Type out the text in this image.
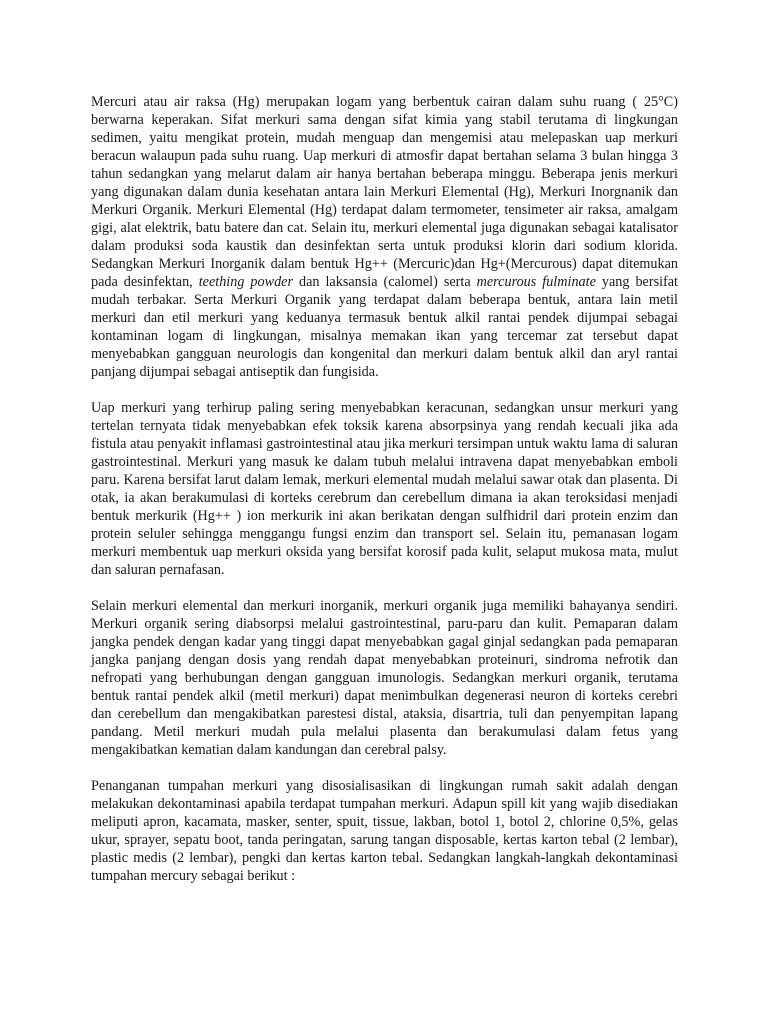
Mercuri atau air raksa (Hg) merupakan logam yang berbentuk cairan dalam suhu ruang ( 25°C) berwarna keperakan. Sifat merkuri sama dengan sifat kimia yang stabil terutama di lingkungan sedimen, yaitu mengikat protein, mudah menguap dan mengemisi atau melepaskan uap merkuri beracun walaupun pada suhu ruang. Uap merkuri di atmosfir dapat bertahan selama 3 bulan hingga 3 tahun sedangkan yang melarut dalam air hanya bertahan beberapa minggu. Beberapa jenis merkuri yang digunakan dalam dunia kesehatan antara lain Merkuri Elemental (Hg), Merkuri Inorgnanik dan Merkuri Organik. Merkuri Elemental (Hg) terdapat dalam termometer, tensimeter air raksa, amalgam gigi, alat elektrik, batu batere dan cat. Selain itu, merkuri elemental juga digunakan sebagai katalisator dalam produksi soda kaustik dan desinfektan serta untuk produksi klorin dari sodium klorida. Sedangkan Merkuri Inorganik dalam bentuk Hg++ (Mercuric)dan Hg+(Mercurous) dapat ditemukan pada desinfektan, teething powder dan laksansia (calomel) serta mercurous fulminate yang bersifat mudah terbakar. Serta Merkuri Organik yang terdapat dalam beberapa bentuk, antara lain metil merkuri dan etil merkuri yang keduanya termasuk bentuk alkil rantai pendek dijumpai sebagai kontaminan logam di lingkungan, misalnya memakan ikan yang tercemar zat tersebut dapat menyebabkan gangguan neurologis dan kongenital dan merkuri dalam bentuk alkil dan aryl rantai panjang dijumpai sebagai antiseptik dan fungisida.

Uap merkuri yang terhirup paling sering menyebabkan keracunan, sedangkan unsur merkuri yang tertelan ternyata tidak menyebabkan efek toksik karena absorpsinya yang rendah kecuali jika ada fistula atau penyakit inflamasi gastrointestinal atau jika merkuri tersimpan untuk waktu lama di saluran gastrointestinal. Merkuri yang masuk ke dalam tubuh melalui intravena dapat menyebabkan emboli paru. Karena bersifat larut dalam lemak, merkuri elemental mudah melalui sawar otak dan plasenta. Di otak, ia akan berakumulasi di korteks cerebrum dan cerebellum dimana ia akan teroksidasi menjadi bentuk merkurik (Hg++ ) ion merkurik ini akan berikatan dengan sulfhidril dari protein enzim dan protein seluler sehingga menggangu fungsi enzim dan transport sel. Selain itu, pemanasan logam merkuri membentuk uap merkuri oksida yang bersifat korosif pada kulit, selaput mukosa mata, mulut dan saluran pernafasan.

Selain merkuri elemental dan merkuri inorganik, merkuri organik juga memiliki bahayanya sendiri. Merkuri organik sering diabsorpsi melalui gastrointestinal, paru-paru dan kulit. Pemaparan dalam jangka pendek dengan kadar yang tinggi dapat menyebabkan gagal ginjal sedangkan pada pemaparan jangka panjang dengan dosis yang rendah dapat menyebabkan proteinuri, sindroma nefrotik dan nefropati yang berhubungan dengan gangguan imunologis. Sedangkan merkuri organik, terutama bentuk rantai pendek alkil (metil merkuri) dapat menimbulkan degenerasi neuron di korteks cerebri dan cerebellum dan mengakibatkan parestesi distal, ataksia, disartria, tuli dan penyempitan lapang pandang. Metil merkuri mudah pula melalui plasenta dan berakumulasi dalam fetus yang mengakibatkan kematian dalam kandungan dan cerebral palsy.

Penanganan tumpahan merkuri yang disosialisasikan di lingkungan rumah sakit adalah dengan melakukan dekontaminasi apabila terdapat tumpahan merkuri. Adapun spill kit yang wajib disediakan meliputi apron, kacamata, masker, senter, spuit, tissue, lakban, botol 1, botol 2, chlorine 0,5%, gelas ukur, sprayer, sepatu boot, tanda peringatan, sarung tangan disposable, kertas karton tebal (2 lembar), plastic medis (2 lembar), pengki dan kertas karton tebal. Sedangkan langkah-langkah dekontaminasi tumpahan mercury sebagai berikut :
